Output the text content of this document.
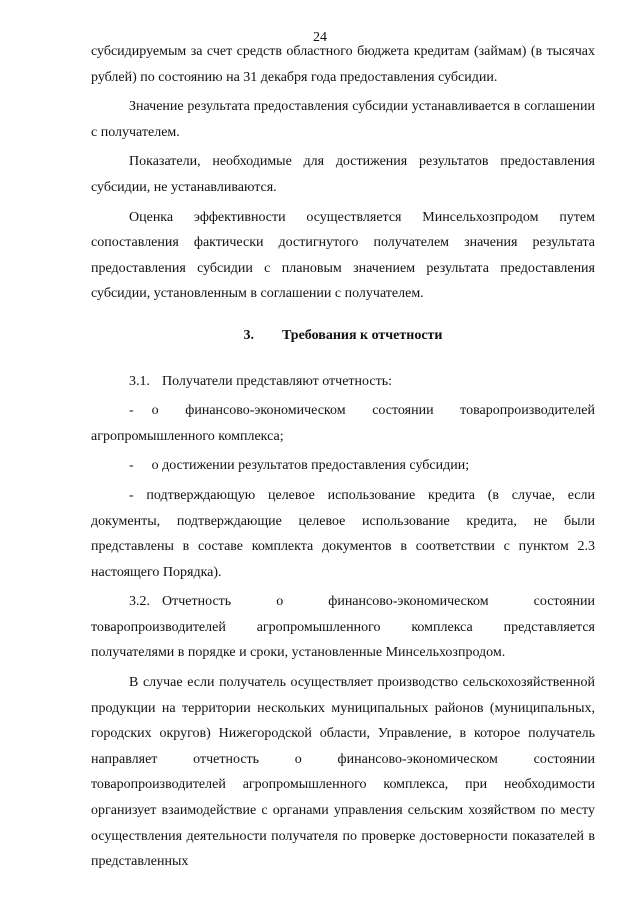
24

субсидируемым за счет средств областного бюджета кредитам (займам) (в тысячах рублей) по состоянию на 31 декабря года предоставления субсидии.

Значение результата предоставления субсидии устанавливается в соглашении с получателем.

Показатели, необходимые для достижения результатов предоставления субсидии, не устанавливаются.

Оценка эффективности осуществляется Минсельхозпродом путем сопоставления фактически достигнутого получателем значения результата предоставления субсидии с плановым значением результата предоставления субсидии, установленным в соглашении с получателем.

3. Требования к отчетности

3.1. Получатели представляют отчетность:

- о финансово-экономическом состоянии товаропроизводителей

агропромышленного комплекса;

- о достижении результатов предоставления субсидии;

- подтверждающую целевое использование кредита (в случае, если документы, подтверждающие целевое использование кредита, не были представлены в составе комплекта документов в соответствии с пунктом 2.3 настоящего Порядка).

3.2. Отчетность о финансово-экономическом состоянии товаропроизводителей агропромышленного комплекса представляется получателями в порядке и сроки, установленные Минсельхозпродом.

В случае если получатель осуществляет производство сельскохозяйственной продукции на территории нескольких муниципальных районов (муниципальных, городских округов) Нижегородской области, Управление, в которое получатель направляет отчетность о финансово-экономическом состоянии товаропроизводителей агропромышленного комплекса, при необходимости организует взаимодействие с органами управления сельским хозяйством по месту осуществления деятельности получателя по проверке достоверности показателей в представленных
